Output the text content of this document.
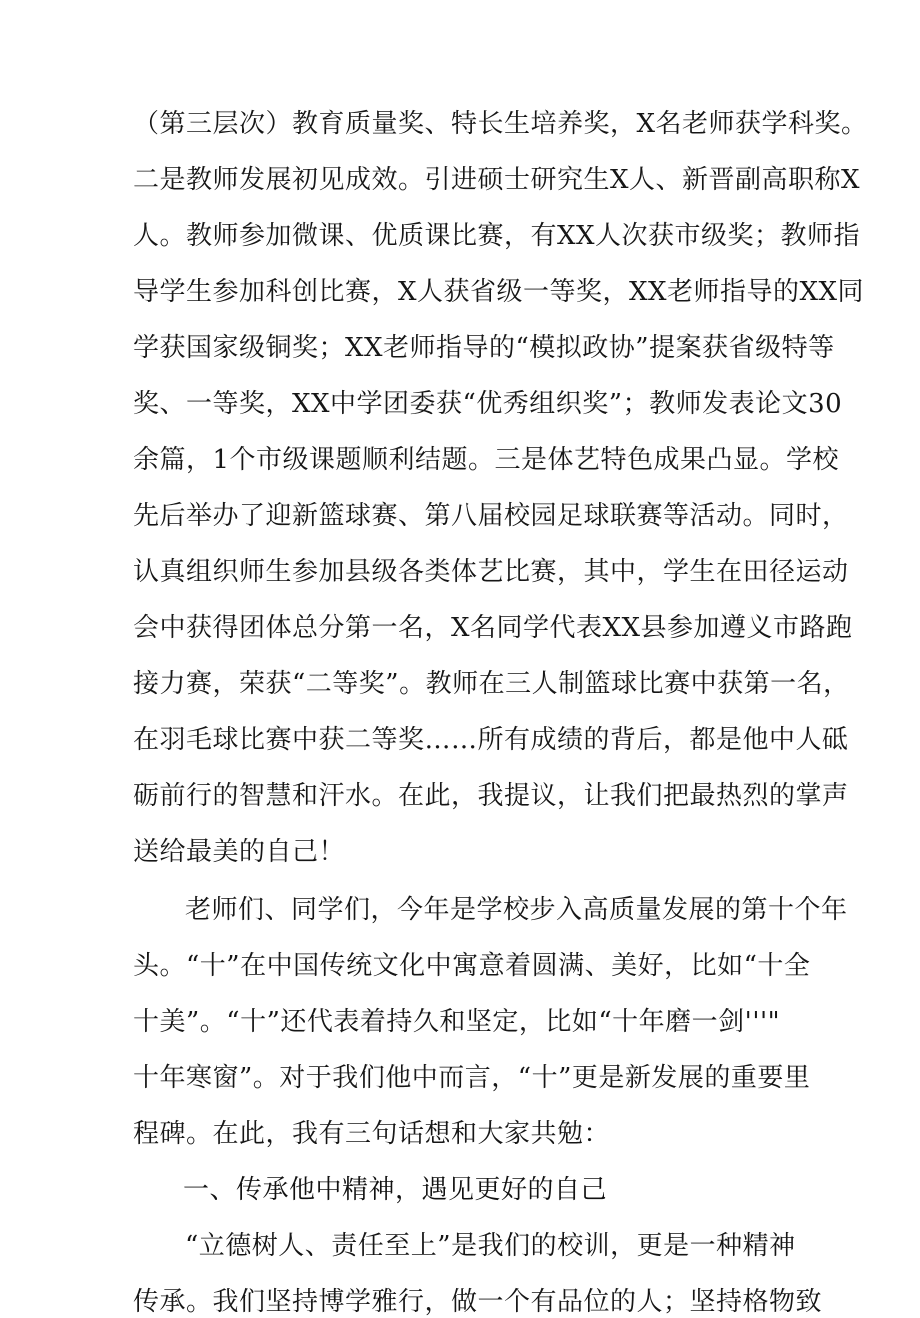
（第三层次）教育质量奖、特长生培养奖，X名老师获学科奖。
二是教师发展初见成效。引进硕士研究生X人、新晋副高职称X
人。教师参加微课、优质课比赛，有XX人次获市级奖；教师指
导学生参加科创比赛，X人获省级一等奖，XX老师指导的XX同
学获国家级铜奖；XX老师指导的“模拟政协”提案获省级特等
奖、一等奖，XX中学团委获“优秀组织奖”；教师发表论文30
余篇，1个市级课题顺利结题。三是体艺特色成果凸显。学校
先后举办了迎新篮球赛、第八届校园足球联赛等活动。同时，
认真组织师生参加县级各类体艺比赛，其中，学生在田径运动
会中获得团体总分第一名，X名同学代表XX县参加遵义市路跑
接力赛，荣获“二等奖”。教师在三人制篮球比赛中获第一名，
在羽毛球比赛中获二等奖……所有成绩的背后，都是他中人砥
砺前行的智慧和汗水。在此，我提议，让我们把最热烈的掌声
送给最美的自己！
老师们、同学们，今年是学校步入高质量发展的第十个年
头。“十”在中国传统文化中寓意着圆满、美好，比如“十全
十美”。“十”还代表着持久和坚定，比如“十年磨一剑'''"
十年寒窗”。对于我们他中而言，“十”更是新发展的重要里
程碑。在此，我有三句话想和大家共勉：
一、传承他中精神，遇见更好的自己
“立德树人、责任至上”是我们的校训，更是一种精神
传承。我们坚持博学雅行，做一个有品位的人；坚持格物致
